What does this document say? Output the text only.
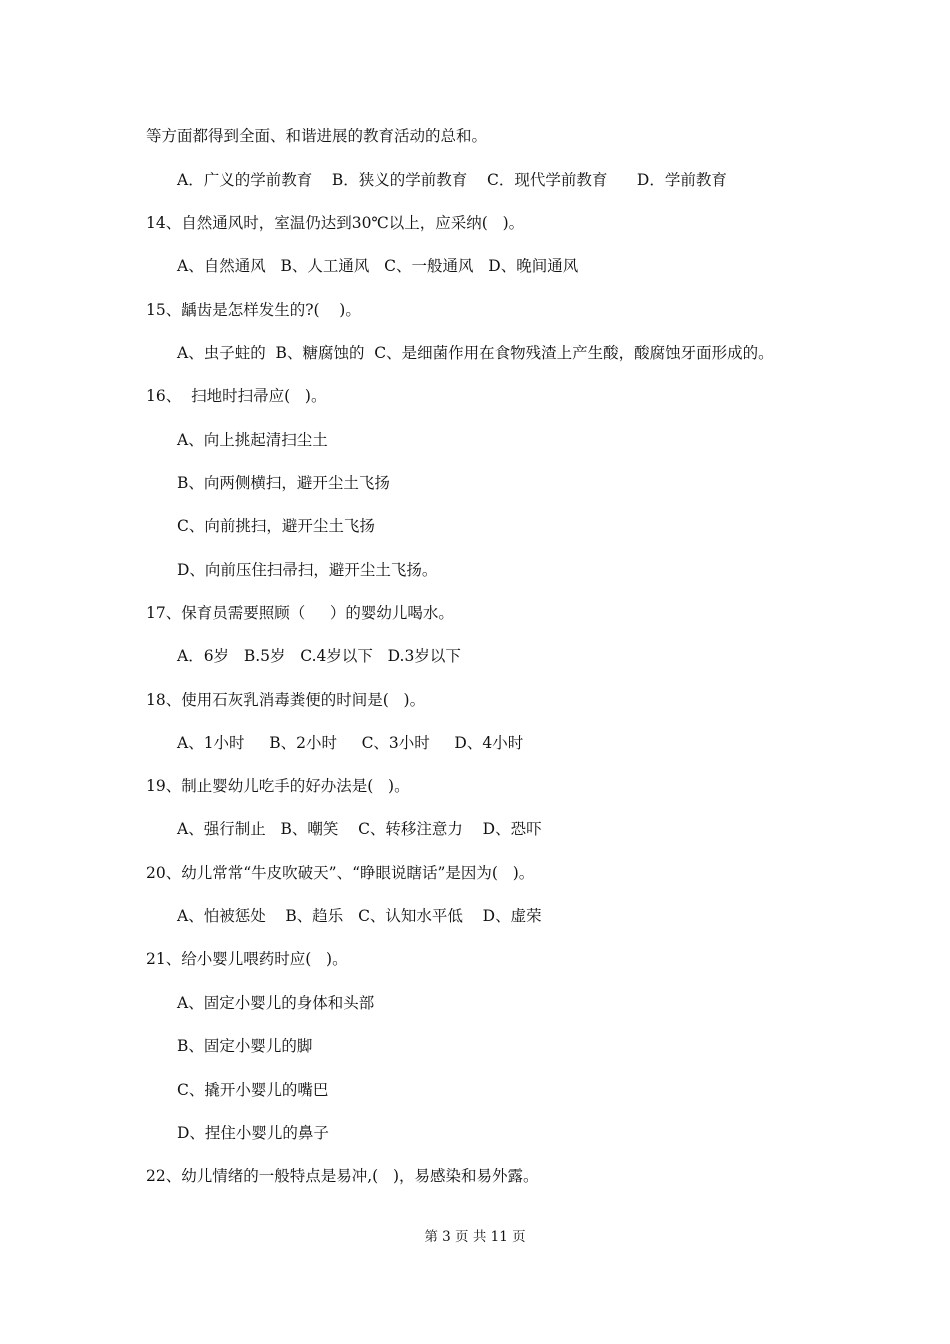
等方面都得到全面、和谐进展的教育活动的总和。
A．广义的学前教育    B．狭义的学前教育    C．现代学前教育      D．学前教育
14、自然通风时，室温仍达到30℃以上，应采纳(   )。
A、自然通风   B、人工通风   C、一般通风   D、晚间通风
15、龋齿是怎样发生的?(    )。
A、虫子蛀的  B、糖腐蚀的  C、是细菌作用在食物残渣上产生酸，酸腐蚀牙面形成的。
16、  扫地时扫帚应(   )。
A、向上挑起清扫尘土
B、向两侧横扫，避开尘土飞扬
C、向前挑扫，避开尘土飞扬
D、向前压住扫帚扫，避开尘土飞扬。
17、保育员需要照顾（     ）的婴幼儿喝水。
A．6岁   B.5岁   C.4岁以下   D.3岁以下
18、使用石灰乳消毒粪便的时间是(   )。
A、1小时     B、2小时     C、3小时     D、4小时
19、制止婴幼儿吃手的好办法是(   )。
A、强行制止   B、嘲笑    C、转移注意力    D、恐吓
20、幼儿常常“牛皮吹破天”、“睁眼说瞎话”是因为(   )。
A、怕被惩处    B、趋乐   C、认知水平低    D、虚荣
21、给小婴儿喂药时应(   )。
A、固定小婴儿的身体和头部
B、固定小婴儿的脚
C、撬开小婴儿的嘴巴
D、捏住小婴儿的鼻子
22、幼儿情绪的一般特点是易冲,(   )，易感染和易外露。
第 3 页 共 11 页
